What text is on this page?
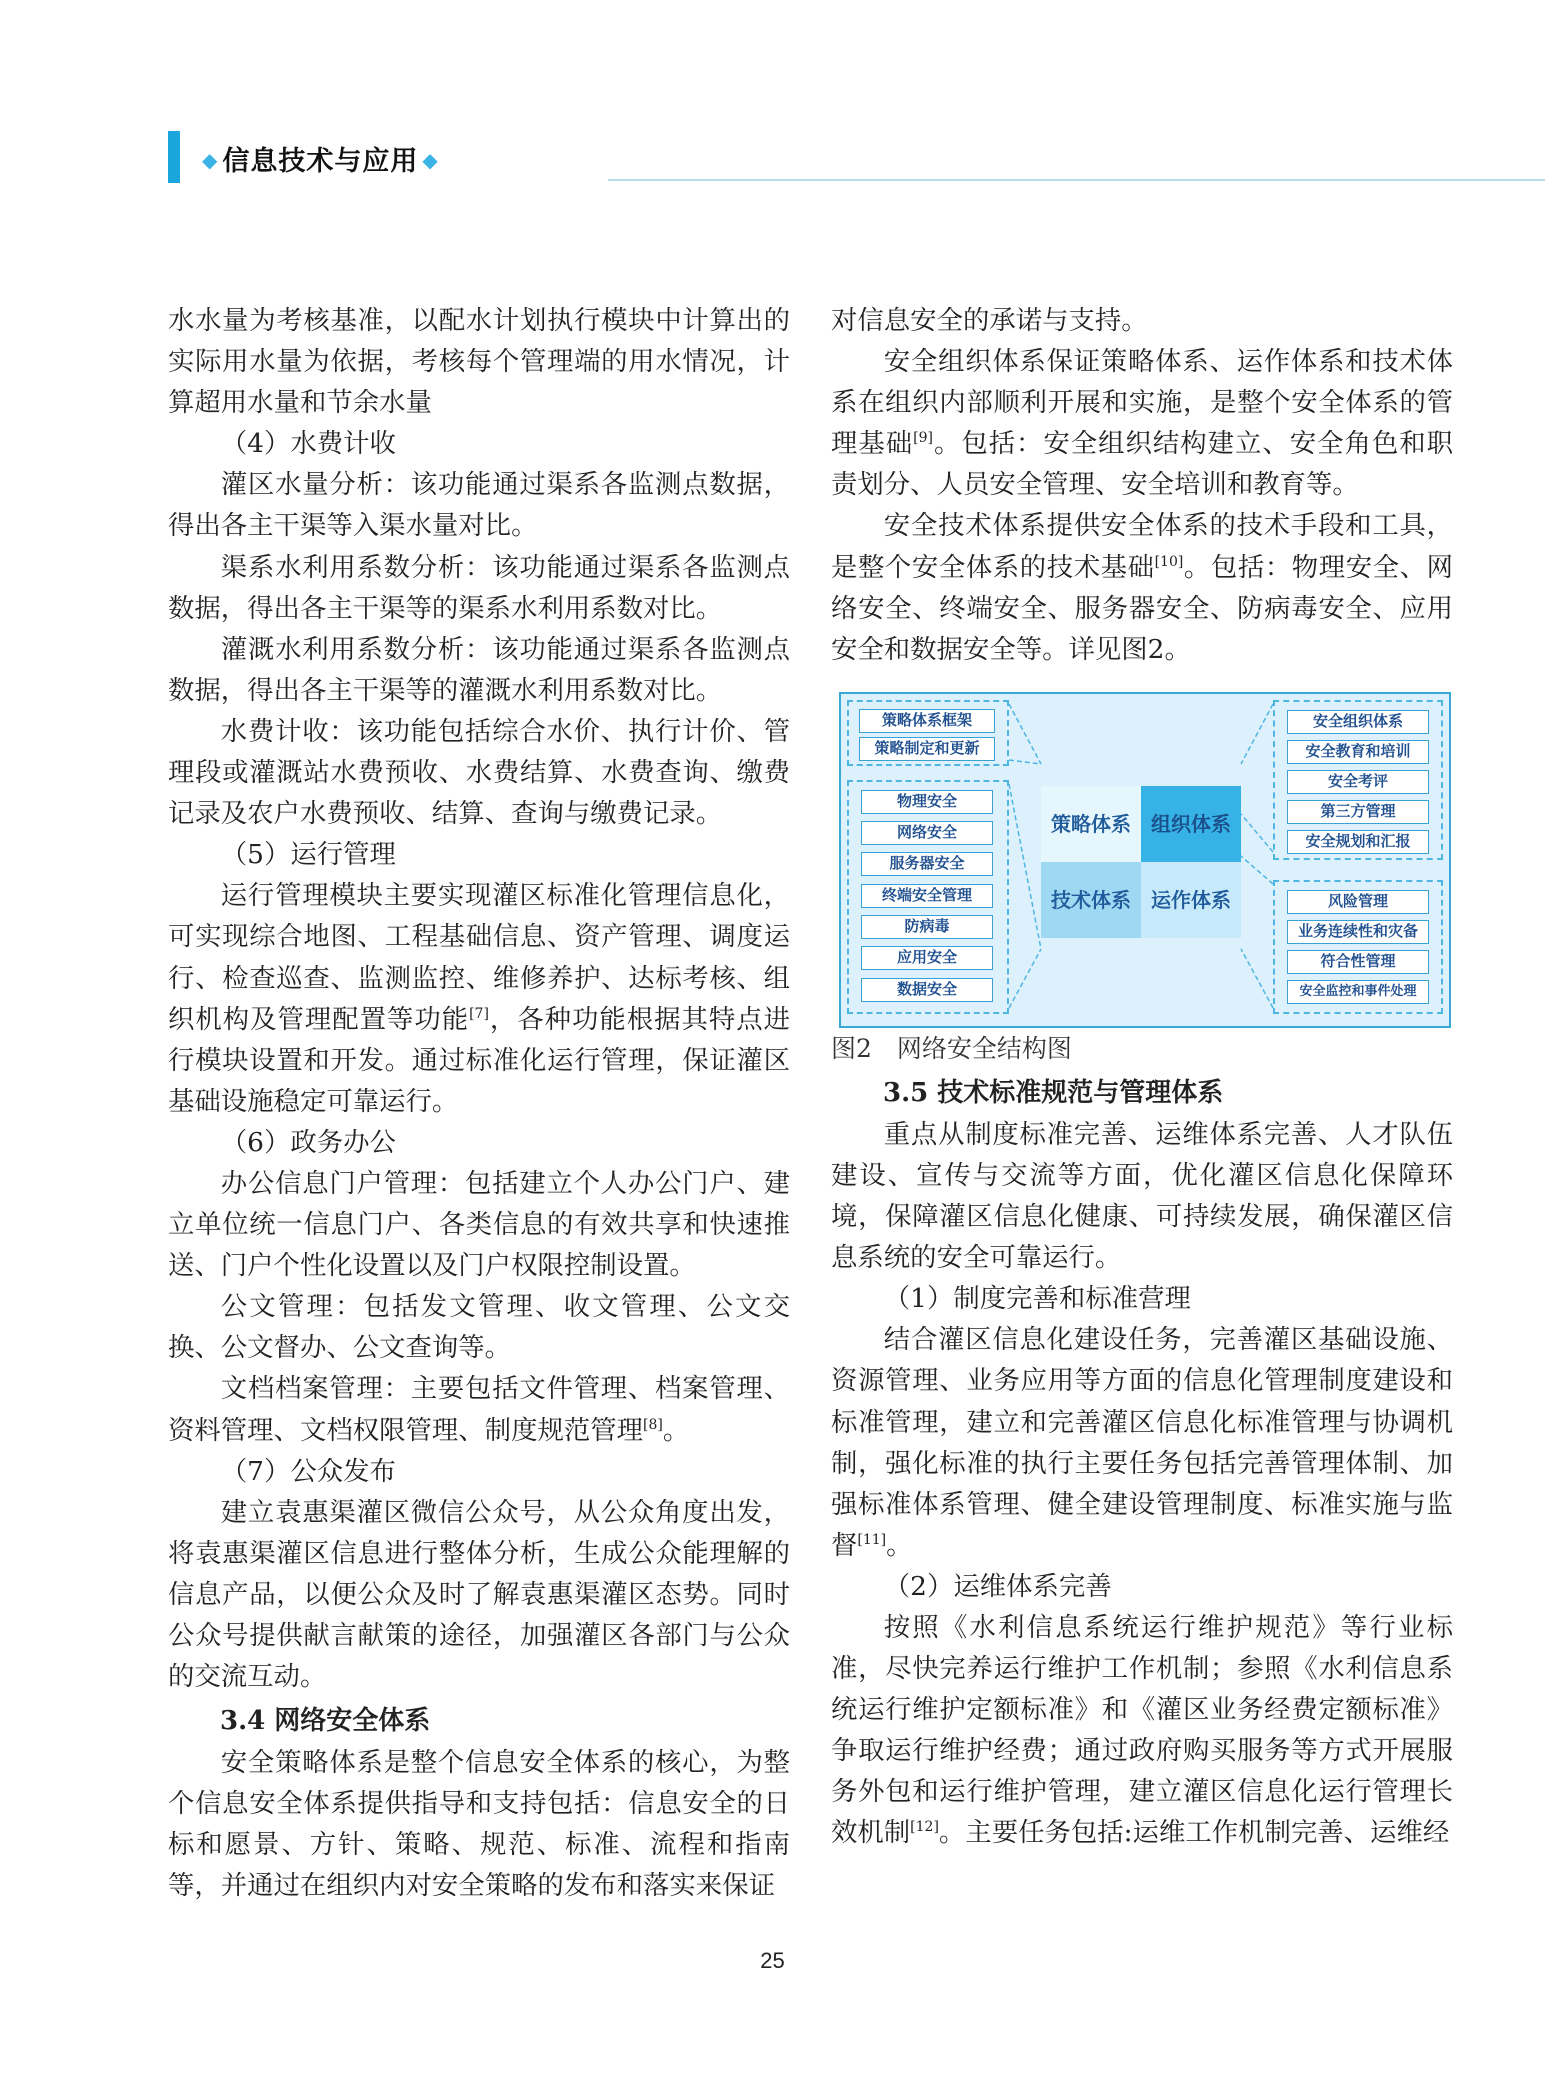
◆ 信息技术与应用 ◆

水水量为考核基准，以配水计划执行模块中计算出的实际用水量为依据，考核每个管理端的用水情况，计算超用水量和节余水量

（4）水费计收

灌区水量分析：该功能通过渠系各监测点数据，得出各主干渠等入渠水量对比。

渠系水利用系数分析：该功能通过渠系各监测点数据，得出各主干渠等的渠系水利用系数对比。

灌溉水利用系数分析：该功能通过渠系各监测点数据，得出各主干渠等的灌溉水利用系数对比。

水费计收：该功能包括综合水价、执行计价、管理段或灌溉站水费预收、水费结算、水费查询、缴费记录及农户水费预收、结算、查询与缴费记录。

（5）运行管理

运行管理模块主要实现灌区标准化管理信息化，可实现综合地图、工程基础信息、资产管理、调度运行、检查巡查、监测监控、维修养护、达标考核、组织机构及管理配置等功能[7]，各种功能根据其特点进行模块设置和开发。通过标准化运行管理，保证灌区基础设施稳定可靠运行。

（6）政务办公

办公信息门户管理：包括建立个人办公门户、建立单位统一信息门户、各类信息的有效共享和快速推送、门户个性化设置以及门户权限控制设置。

公文管理：包括发文管理、收文管理、公文交换、公文督办、公文查询等。

文档档案管理：主要包括文件管理、档案管理、资料管理、文档权限管理、制度规范管理[8]。

（7）公众发布

建立袁惠渠灌区微信公众号，从公众角度出发，将袁惠渠灌区信息进行整体分析，生成公众能理解的信息产品，以便公众及时了解袁惠渠灌区态势。同时公众号提供献言献策的途径，加强灌区各部门与公众的交流互动。

3.4 网络安全体系

安全策略体系是整个信息安全体系的核心，为整个信息安全体系提供指导和支持包括：信息安全的日标和愿景、方针、策略、规范、标准、流程和指南等，并通过在组织内对安全策略的发布和落实来保证

对信息安全的承诺与支持。

安全组织体系保证策略体系、运作体系和技术体系在组织内部顺利开展和实施，是整个安全体系的管理基础[9]。包括：安全组织结构建立、安全角色和职责划分、人员安全管理、安全培训和教育等。

安全技术体系提供安全体系的技术手段和工具，是整个安全体系的技术基础[10]。包括：物理安全、网络安全、终端安全、服务器安全、防病毒安全、应用安全和数据安全等。详见图2。

策略体系框架
策略制定和更新
物理安全
网络安全
服务器安全
终端安全管理
防病毒
应用安全
数据安全
策略体系	组织体系
技术体系	运作体系
安全组织体系
安全教育和培训
安全考评
第三方管理
安全规划和汇报
风险管理
业务连续性和灾备
符合性管理
安全监控和事件处理

图2　网络安全结构图

3.5 技术标准规范与管理体系

重点从制度标准完善、运维体系完善、人才队伍建设、宣传与交流等方面，优化灌区信息化保障环境，保障灌区信息化健康、可持续发展，确保灌区信息系统的安全可靠运行。

（1）制度完善和标准营理

结合灌区信息化建设任务，完善灌区基础设施、资源管理、业务应用等方面的信息化管理制度建设和标准管理，建立和完善灌区信息化标准管理与协调机制，强化标准的执行主要任务包括完善管理体制、加强标准体系管理、健全建设管理制度、标准实施与监督[11]。

（2）运维体系完善

按照《水利信息系统运行维护规范》等行业标准，尽快完养运行维护工作机制；参照《水利信息系统运行维护定额标准》和《灌区业务经费定额标准》争取运行维护经费；通过政府购买服务等方式开展服务外包和运行维护管理，建立灌区信息化运行管理长效机制[12]。主要任务包括:运维工作机制完善、运维经

25
